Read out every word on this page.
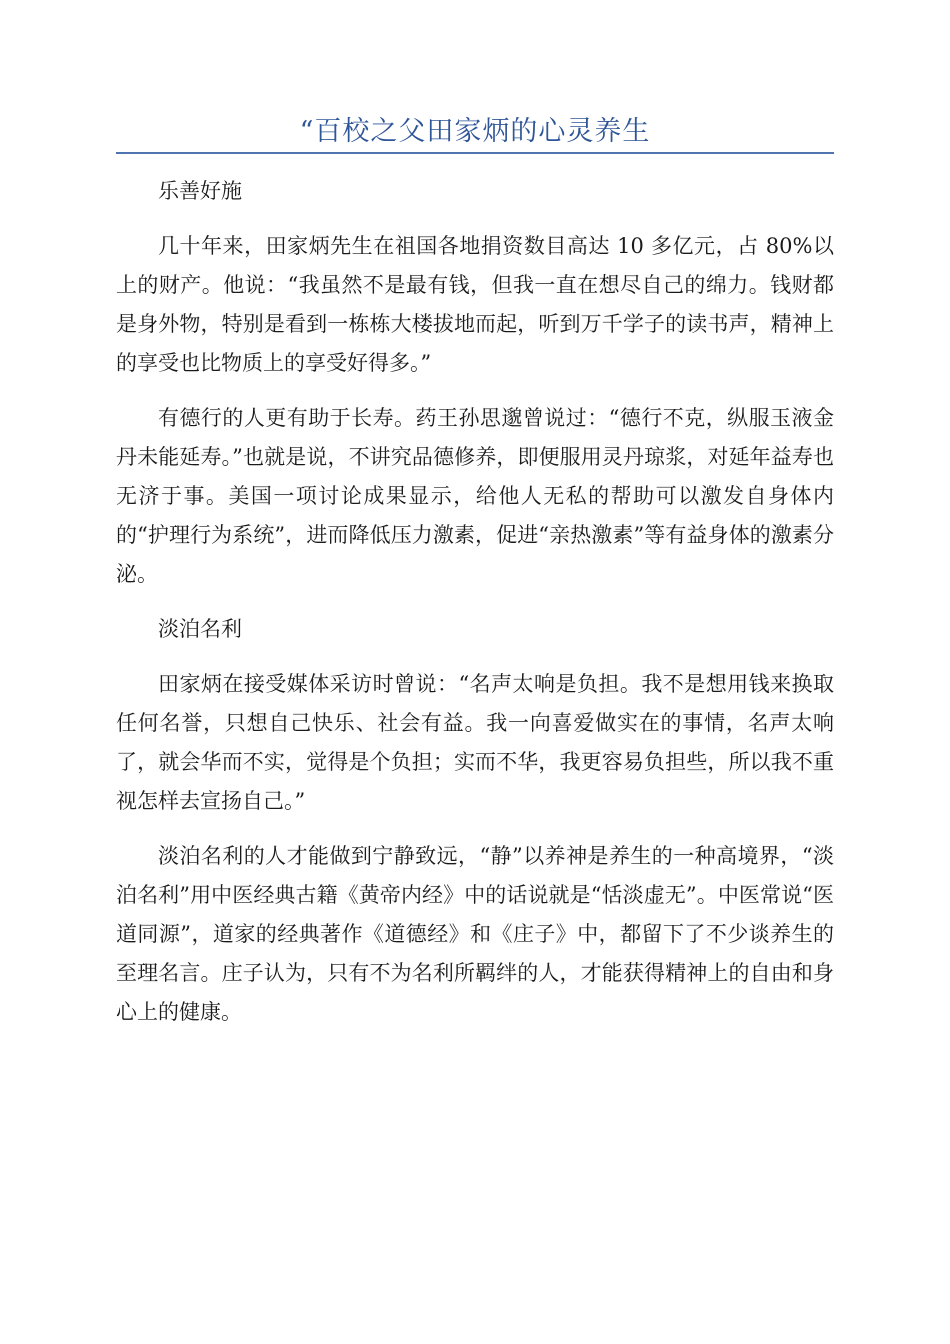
“百校之父田家炳的心灵养生

乐善好施

几十年来，田家炳先生在祖国各地捐资数目高达 10 多亿元，占 80%以上的财产。他说：“我虽然不是最有钱，但我一直在想尽自己的绵力。钱财都是身外物，特别是看到一栋栋大楼拔地而起，听到万千学子的读书声，精神上的享受也比物质上的享受好得多。”

有德行的人更有助于长寿。药王孙思邈曾说过：“德行不克，纵服玉液金丹未能延寿。”也就是说，不讲究品德修养，即便服用灵丹琼浆，对延年益寿也无济于事。美国一项讨论成果显示，给他人无私的帮助可以激发自身体内的“护理行为系统”，进而降低压力激素，促进“亲热激素”等有益身体的激素分泌。

淡泊名利

田家炳在接受媒体采访时曾说：“名声太响是负担。我不是想用钱来换取任何名誉，只想自己快乐、社会有益。我一向喜爱做实在的事情，名声太响了，就会华而不实，觉得是个负担；实而不华，我更容易负担些，所以我不重视怎样去宣扬自己。”

淡泊名利的人才能做到宁静致远，“静”以养神是养生的一种高境界，“淡泊名利”用中医经典古籍《黄帝内经》中的话说就是“恬淡虚无”。中医常说“医道同源”，道家的经典著作《道德经》和《庄子》中，都留下了不少谈养生的至理名言。庄子认为，只有不为名利所羁绊的人，才能获得精神上的自由和身心上的健康。
